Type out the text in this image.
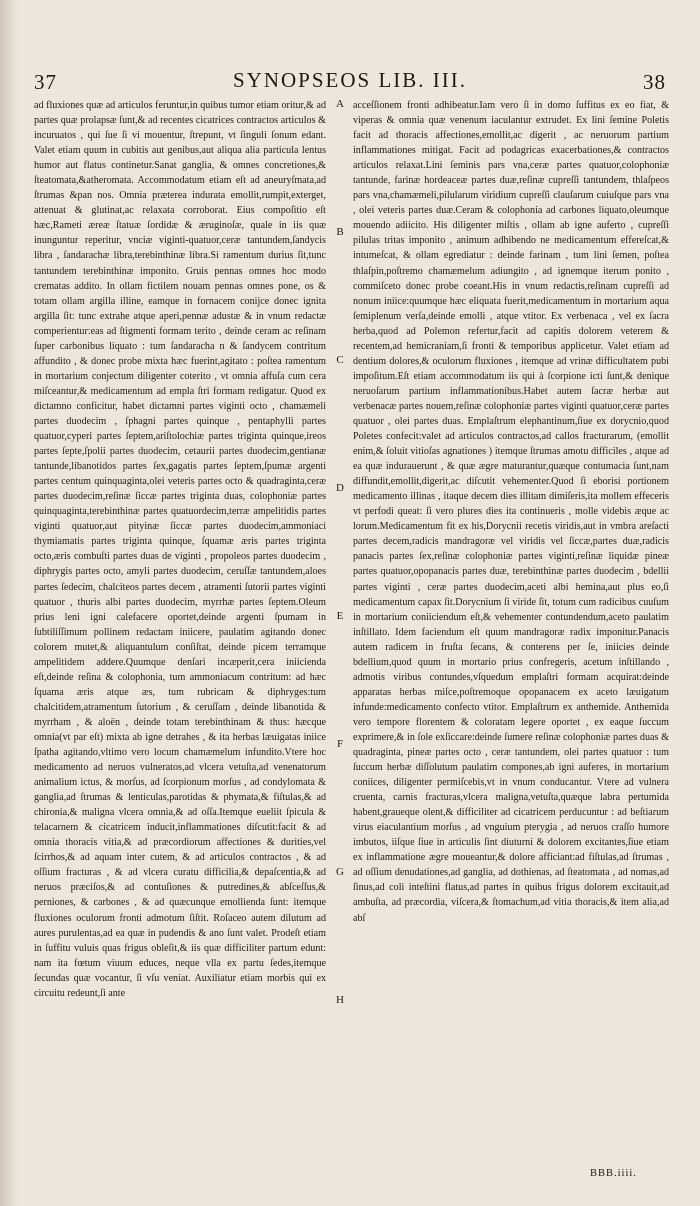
37	SYNOPSEOS LIB. III.	38

ad fluxiones quæ ad articulos feruntur,in quibus tumor etiam oritur,& ad partes quæ prolapsæ ſunt,& ad recentes cicatrices contractos articulos & incuruatos , qui ſue ſi vi mouentur, ſtrepunt, vt ſinguli ſonum edant. Valet etiam quum in cubitis aut genibus,aut aliqua alia particula lentus humor aut flatus continetur.Sanat ganglia, & omnes concretiones,& ſteatomata,&atheromata. Accommodatum etiam eſt ad aneuryſmata,ad ſtrumas &pan nos. Omnia præterea indurata emollit,rumpit,exterget, attenuat & glutinat,ac relaxata corroborat. Eius compoſitio eſt hæc,Rameti æreæ ſtatuæ ſordidæ & æruginoſæ, quale in iis quæ inunguntur reperitur, vnciæ viginti-quatuor,ceræ tantundem,ſandycis libra , ſandarachæ libra,terebinthinæ libra.Si ramentum durius ſit,tunc tantundem terebinthinæ imponito. Gruis pennas omnes hoc modo crematas addito. In ollam fictilem nouam pennas omnes pone, os & totam ollam argilla illine, eamque in fornacem conijce donec ignita argilla ſit: tunc extrahe atque aperi,pennæ adustæ & in vnum redactæ comperientur:eas ad ſtigmenti formam terito , deinde ceram ac reſinam ſuper carbonibus liquato : tum ſandaracha n & ſandycem contritum affundito , & donec probe mixta hæc fuerint,agitato : poſtea ramentum in mortarium conjectum diligenter coterito , vt omnia affuſa cum cera miſceantur,& medicamentum ad empla ſtri formam redigatur. Quod ex dictamno conficitur, habet dictamni partes viginti octo , chamæmeli partes duodecim , ſphagni partes quinque , pentaphylli partes quatuor,cyperi partes ſeptem,ariſtolochiæ partes triginta quinque,ireos partes ſepte,ſpolii partes duodecim, cetaurii partes duodecim,gentianæ tantunde,libanotidos partes ſex,gagatis partes ſeptem,ſpumæ argenti partes centum quinquaginta,olei veteris partes octo & quadraginta,ceræ partes duodecim,reſinæ ſiccæ partes triginta duas, colophoniæ partes quinquaginta,terebinthinæ partes quatuordecim,terræ ampelitidis partes viginti quatuor,aut pityinæ ſiccæ partes duodecim,ammoniaci thymiamatis partes triginta quinque, ſquamæ æris partes triginta octo,æris combuſti partes duas de viginti , propoleos partes duodecim , diphrygis partes octo, amyli partes duodecim, ceruſſæ tantundem,aloes partes ſedecim, chalciteos partes decem , atramenti ſutorii partes viginti quatuor , thuris albi partes duodecim, myrrhæ partes ſeptem.Oleum prius leni igni calefacere oportet,deinde argenti ſpumam in ſubtiliſſimum pollinem redactam iniicere, paulatim agitando donec colorem mutet,& aliquantulum conſiſtat, deinde picem terramque ampelitidem addere.Quumque denſari incæperit,cera iniicienda eſt,deinde reſina & colophonia, tum ammoniacum contritum: ad hæc ſquama æris atque æs, tum rubricam & diphryges:tum chalcitidem,atramentum ſutorium , & ceruſſam , deinde libanotida & myrrham , & aloën , deinde totam terebinthinam & thus: hæcque omnia(vt par eſt) mixta ab igne detrahes , & ita herbas læuigatas iniice ſpatha agitando,vltimo vero locum chamæmelum infundito.Vtere hoc medicamento ad neruos vulneratos,ad vlcera vetuſta,ad venenatorum animalium ictus, & morſus, ad ſcorpionum morſus , ad condylomata & ganglia,ad ſtrumas & lenticulas,parotidas & phymata,& fiſtulas,& ad chironia,& maligna vlcera omnia,& ad oſſa.Itemque eueliit ſpicula & telacarnem & cicatricem inducit,inflammationes diſcutit:facit & ad omnia thoracis vitia,& ad præcordiorum affectiones & durities,vel ſcirrhos,& ad aquam inter cutem, & ad articulos contractos , & ad oſſium fracturas , & ad vlcera curatu difficilia,& depaſcentia,& ad neruos præciſos,& ad contuſiones & putredines,& abſceſſus,& perniones, & carbones , & ad quæcunque emollienda ſunt: itemque fluxiones oculorum fronti admotum ſiſtit. Roſaceo autem dilutum ad aures purulentas,ad ea quæ in pudendis & ano ſunt valet. Prodeſt etiam in ſuffitu vuluis quas frigus obleſit,& iis quæ difficiliter partum edunt: nam ita fœtum viuum educes, neque vlla ex partu ſedes,itemque ſecundas quæ vocantur, ſi vſu veniat. Auxiliatur etiam morbis qui ex circuitu redeunt,ſi ante

A
B
C
D
E
F
G
H

acceſſionem fronti adhibeatur.Iam vero ſi in domo ſuffitus ex eo fiat, & viperas & omnia quæ venenum iaculantur extrudet. Ex lini ſemine Poletis facit ad thoracis affectiones,emollit,ac digerit , ac neruorum partium inflammationes mitigat. Facit ad podagricas exacerbationes,& contractos articulos relaxat.Lini ſeminis pars vna,ceræ partes quatuor,colophoniæ tantunde, farinæ hordeaceæ partes duæ,reſinæ cupreſſi tantundem, thlaſpeos pars vna,chamæmeli,pilularum viridium cupreſſi clauſarum cuiuſque pars vna , olei veteris partes duæ.Ceram & colophonia ad carbones liquato,oleumque mouendo adiicito. His diligenter miſtis , ollam ab igne auferto , cupreſſi pilulas tritas imponito , animum adhibendo ne medicamentum effereſcat,& intumeſcat, & ollam egrediatur : deinde farinam , tum lini ſemen, poſtea thlaſpin,poſtremo chamæmelum adiungito , ad ignemque iterum ponito , commiſceto donec probe coeant.His in vnum redactis,reſinam cupreſſi ad nonum iniice:quumque hæc eliquata fuerit,medicamentum in mortarium aqua ſemiplenum verſa,deinde emolli , atque vtitor. Ex verbenaca , vel ex ſacra herba,quod ad Polemon refertur,facit ad capitis dolorem veterem & recentem,ad hemicraniam,ſi fronti & temporibus applicetur. Valet etiam ad dentium dolores,& oculorum fluxiones , itemque ad vrinæ difficultatem pubi impoſitum.Eſt etiam accommodatum iis qui à ſcorpione icti ſunt,& denique neruoſarum partium inflammationibus.Habet autem ſacræ herbæ aut verbenacæ partes nouem,reſinæ colophoniæ partes viginti quatuor,ceræ partes quatuor , olei partes duas. Emplaſtrum elephantinum,ſiue ex dorycnio,quod Poletes confecit:valet ad articulos contractos,ad callos fracturarum, (emollit enim,& ſoluit vitioſas agnationes ) itemque ſtrumas amotu difficiles , atque ad ea quæ indurauerunt , & quæ ægre maturantur,quæque contumacia ſunt,nam diffundit,emollit,digerit,ac diſcutit vehementer.Quod ſi eborisi portionem medicamento illinas , itaque decem dies illitam dimiſeris,ita mollem effeceris vt perfodi queat: ſi vero plures dies ita continueris , molle videbis æque ac lorum.Medicamentum fit ex his,Dorycnii recetis viridis,aut in vmbra areſacti partes decem,radicis mandragoræ vel viridis vel ſiccæ,partes duæ,radicis panacis partes ſex,reſinæ colophoniæ partes viginti,reſinæ liquidæ pineæ partes quatuor,opopanacis partes duæ, terebinthinæ partes duodecim , bdellii partes viginti , ceræ partes duodecim,aceti albi hemina,aut plus eo,ſi medicamentum capax ſit.Dorycnium ſi viride ſit, totum cum radicibus cuuſum in mortarium coniiciendum eſt,& vehementer contundendum,aceto paulatim inſtillato. Idem faciendum eſt quum mandragoræ radix imponitur.Panacis autem radicem in fruſta ſecans, & conterens per ſe, iniicies deinde bdellium,quod quum in mortario prius confregeris, acetum inſtillando , admotis viribus contundes,vſquedum emplaſtri formam acquirat:deinde apparatas herbas miſce,poſtremoque opopanacem ex aceto læuigatum infunde:medicamento confecto vtitor. Emplaſtrum ex anthemide. Anthemida vero tempore florentem & coloratam legere oportet , ex eaque ſuccum exprimere,& in ſole exſiccare:deinde ſumere reſinæ colophoniæ partes duas & quadraginta, pineæ partes octo , ceræ tantundem, olei partes quatuor : tum ſuccum herbæ diſſolutum paulatim compones,ab igni auferes, in mortarium coniices, diligenter permiſcebis,vt in vnum conducantur. Vtere ad vulnera cruenta, carnis fracturas,vlcera maligna,vetuſta,quæque labra pertumida habent,graueque olent,& difficiliter ad cicatricem perducuntur : ad beſtiarum virus eiaculantium morſus , ad vnguium pterygia , ad neruos craſſo humore imbutos, iiſque ſiue in articulis ſint diuturni & dolorem excitantes,ſiue etiam ex inflammatione ægre moueantur,& dolore afficiant:ad fiſtulas,ad ſtrumas , ad oſſium denudationes,ad ganglia, ad dothienas, ad ſteatomata , ad nomas,ad ſinus,ad coli inteſtini flatus,ad partes in quibus frigus dolorem excitauit,ad ambuſta, ad præcordia, viſcera,& ſtomachum,ad vitia thoracis,& item alia,ad abſ

BBB.iiii.
